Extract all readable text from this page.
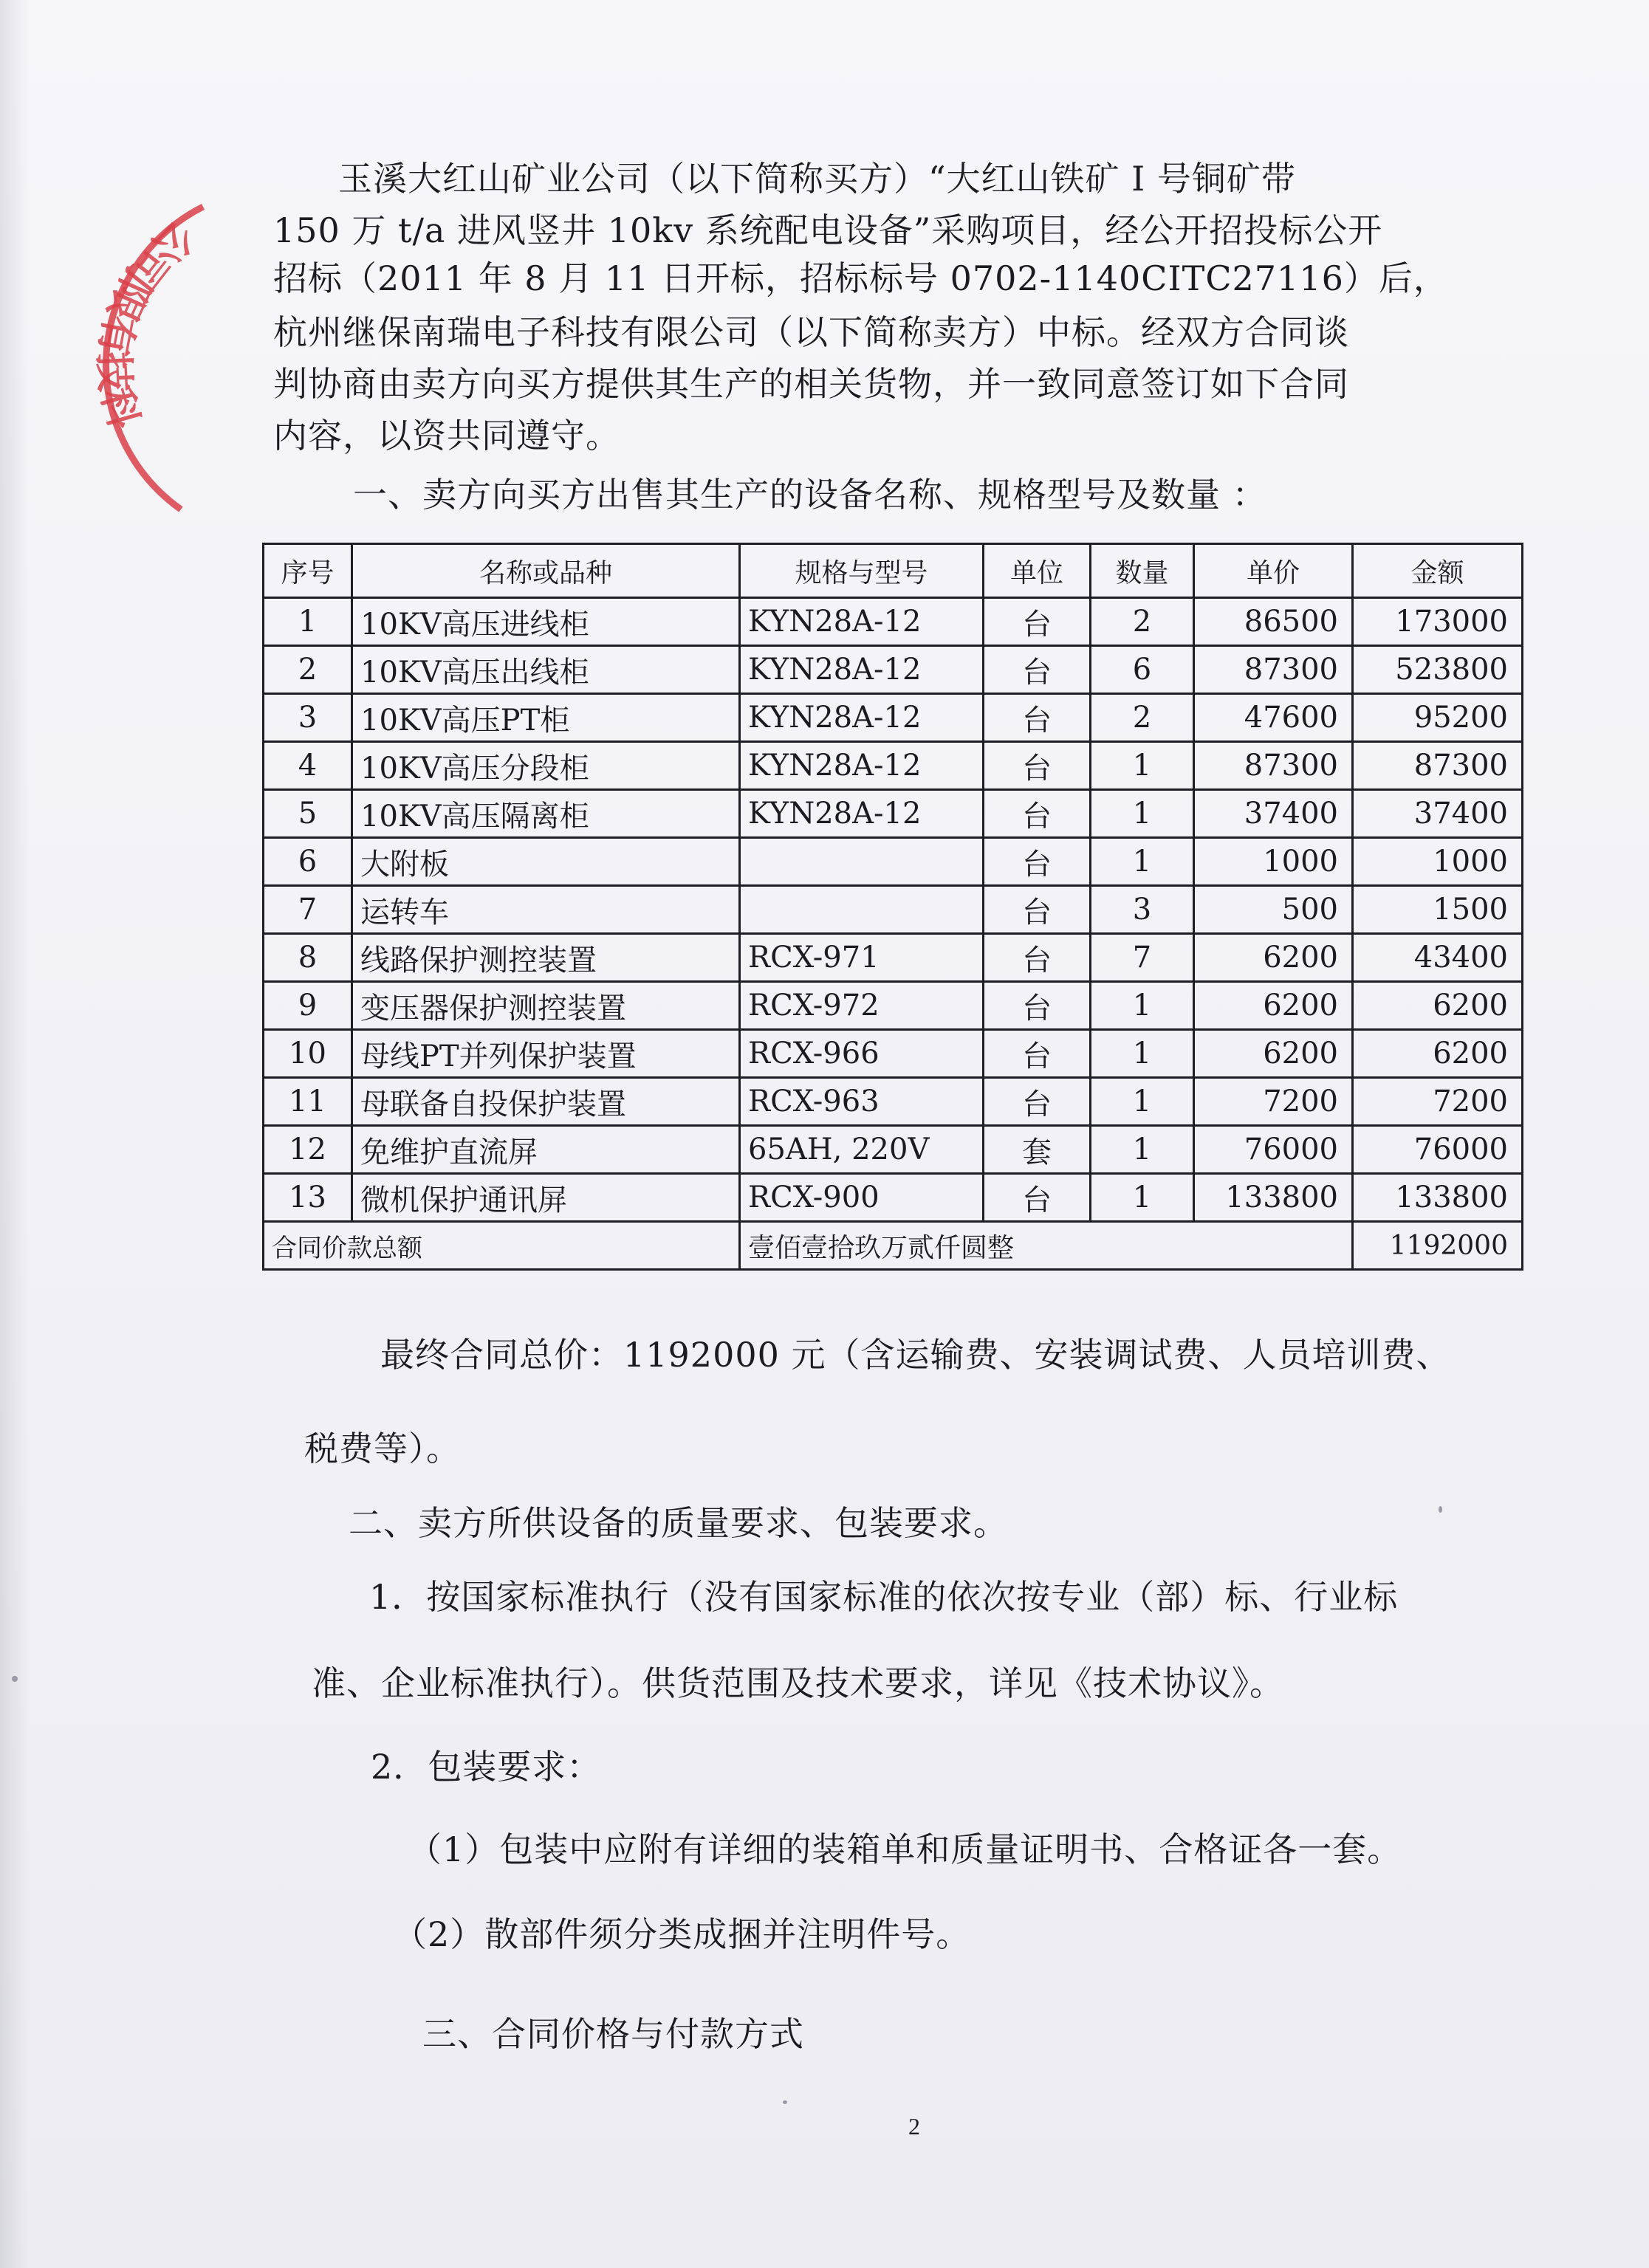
公司限有技科

玉溪大红山矿业公司（以下简称买方）“大红山铁矿 I 号铜矿带

150 万 t/a 进风竖井 10kv 系统配电设备”采购项目，经公开招投标公开

招标（2011 年 8 月 11 日开标，招标标号 0702-1140CITC27116）后，

杭州继保南瑞电子科技有限公司（以下简称卖方）中标。经双方合同谈

判协商由卖方向买方提供其生产的相关货物，并一致同意签订如下合同

内容，以资共同遵守。

一、卖方向买方出售其生产的设备名称、规格型号及数量 ：

序号	名称或品种	规格与型号	单位	数量	单价	金额
1	10KV高压进线柜	KYN28A-12	台	2	86500	173000
2	10KV高压出线柜	KYN28A-12	台	6	87300	523800
3	10KV高压PT柜	KYN28A-12	台	2	47600	95200
4	10KV高压分段柜	KYN28A-12	台	1	87300	87300
5	10KV高压隔离柜	KYN28A-12	台	1	37400	37400
6	大附板		台	1	1000	1000
7	运转车		台	3	500	1500
8	线路保护测控装置	RCX-971	台	7	6200	43400
9	变压器保护测控装置	RCX-972	台	1	6200	6200
10	母线PT并列保护装置	RCX-966	台	1	6200	6200
11	母联备自投保护装置	RCX-963	台	1	7200	7200
12	免维护直流屏	65AH, 220V	套	1	76000	76000
13	微机保护通讯屏	RCX-900	台	1	133800	133800
合同价款总额		壹佰壹拾玖万贰仟圆整				1192000

最终合同总价：1192000 元（含运输费、安装调试费、人员培训费、

税费等）。

二、卖方所供设备的质量要求、包装要求。

1．按国家标准执行（没有国家标准的依次按专业（部）标、行业标

准、企业标准执行）。供货范围及技术要求，详见《技术协议》。

2．包装要求：

（1）包装中应附有详细的装箱单和质量证明书、合格证各一套。

（2）散部件须分类成捆并注明件号。

三、合同价格与付款方式

2
